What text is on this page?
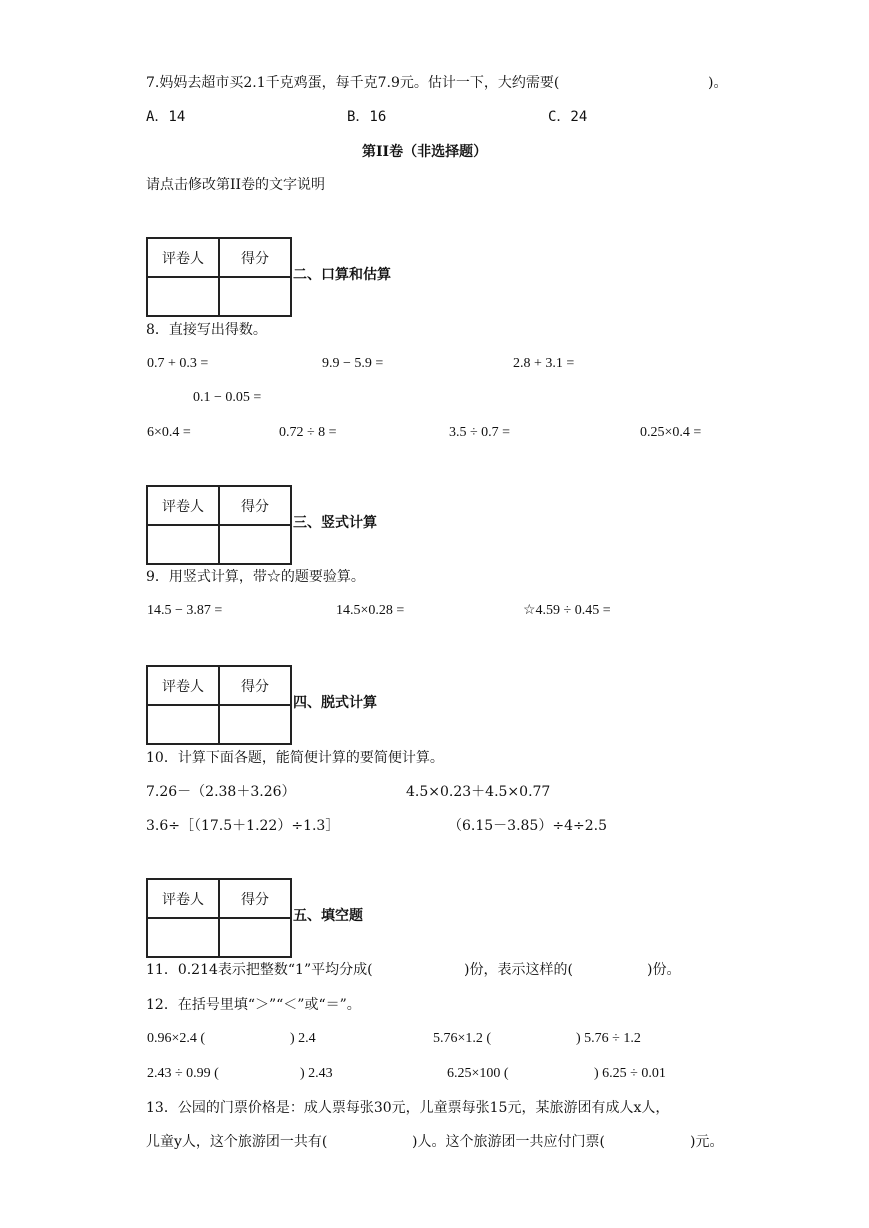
7.妈妈去超市买2.1千克鸡蛋，每千克7.9元。估计一下，大约需要(	)。
A．14	B．16	C．24
第II卷（非选择题）
请点击修改第II卷的文字说明
评卷人	得分

二、口算和估算
8．直接写出得数。
0.7 + 0.3 =	9.9 − 5.9 =	2.8 + 3.1 =
0.1 − 0.05 =
6×0.4 =	0.72 ÷ 8 =	3.5 ÷ 0.7 =	0.25×0.4 =
评卷人	得分

三、竖式计算
9．用竖式计算，带☆的题要验算。
14.5 − 3.87 =	14.5×0.28 =	☆4.59 ÷ 0.45 =
评卷人	得分

四、脱式计算
10．计算下面各题，能简便计算的要简便计算。
7.26－（2.38＋3.26）	4.5×0.23＋4.5×0.77
3.6÷［（17.5＋1.22）÷1.3］	（6.15－3.85）÷4÷2.5
评卷人	得分

五、填空题
11．0.214表示把整数“1”平均分成(	)份，表示这样的(	)份。
12．在括号里填“＞”“＜”或“＝”。
0.96×2.4 (	) 2.4	5.76×1.2 (	) 5.76 ÷ 1.2
2.43 ÷ 0.99 (	) 2.43	6.25×100 (	) 6.25 ÷ 0.01
13．公园的门票价格是：成人票每张30元，儿童票每张15元，某旅游团有成人x人，
儿童y人，这个旅游团一共有(	)人。这个旅游团一共应付门票(	)元。
